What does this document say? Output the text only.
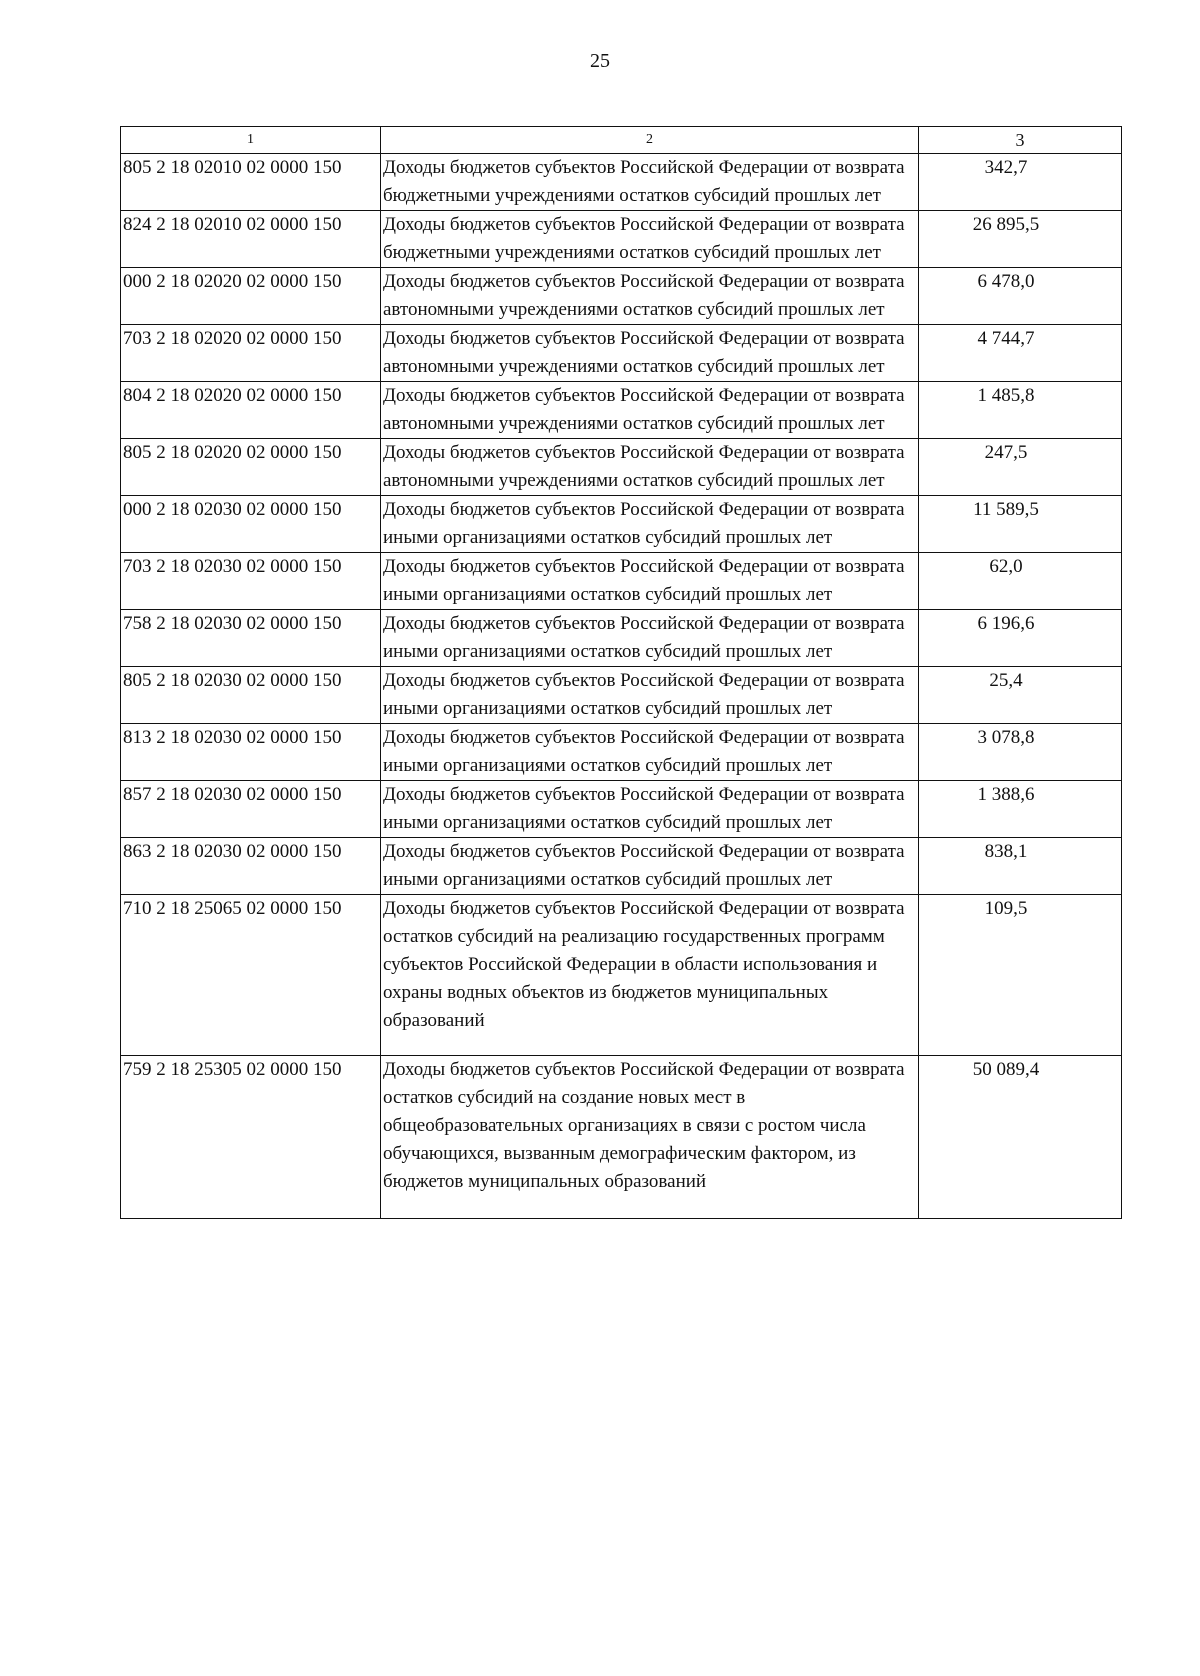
25
1	2	3
805 2 18 02010 02 0000 150	Доходы бюджетов субъектов Российской Федерации от возврата бюджетными учреждениями остатков субсидий прошлых лет	342,7
824 2 18 02010 02 0000 150	Доходы бюджетов субъектов Российской Федерации от возврата бюджетными учреждениями остатков субсидий прошлых лет	26 895,5
000 2 18 02020 02 0000 150	Доходы бюджетов субъектов Российской Федерации от возврата автономными учреждениями остатков субсидий прошлых лет	6 478,0
703 2 18 02020 02 0000 150	Доходы бюджетов субъектов Российской Федерации от возврата автономными учреждениями остатков субсидий прошлых лет	4 744,7
804 2 18 02020 02 0000 150	Доходы бюджетов субъектов Российской Федерации от возврата автономными учреждениями остатков субсидий прошлых лет	1 485,8
805 2 18 02020 02 0000 150	Доходы бюджетов субъектов Российской Федерации от возврата автономными учреждениями остатков субсидий прошлых лет	247,5
000 2 18 02030 02 0000 150	Доходы бюджетов субъектов Российской Федерации от возврата иными организациями остатков субсидий прошлых лет	11 589,5
703 2 18 02030 02 0000 150	Доходы бюджетов субъектов Российской Федерации от возврата иными организациями остатков субсидий прошлых лет	62,0
758 2 18 02030 02 0000 150	Доходы бюджетов субъектов Российской Федерации от возврата иными организациями остатков субсидий прошлых лет	6 196,6
805 2 18 02030 02 0000 150	Доходы бюджетов субъектов Российской Федерации от возврата иными организациями остатков субсидий прошлых лет	25,4
813 2 18 02030 02 0000 150	Доходы бюджетов субъектов Российской Федерации от возврата иными организациями остатков субсидий прошлых лет	3 078,8
857 2 18 02030 02 0000 150	Доходы бюджетов субъектов Российской Федерации от возврата иными организациями остатков субсидий прошлых лет	1 388,6
863 2 18 02030 02 0000 150	Доходы бюджетов субъектов Российской Федерации от возврата иными организациями остатков субсидий прошлых лет	838,1
710 2 18 25065 02 0000 150	Доходы бюджетов субъектов Российской Федерации от возврата остатков субсидий на реализацию государственных программ субъектов Российской Федерации в области использования и охраны водных объектов из бюджетов муниципальных образований	109,5
759 2 18 25305 02 0000 150	Доходы бюджетов субъектов Российской Федерации от возврата остатков субсидий на создание новых мест в общеобразовательных организациях в связи с ростом числа обучающихся, вызванным демографическим фактором, из бюджетов муниципальных образований	50 089,4
